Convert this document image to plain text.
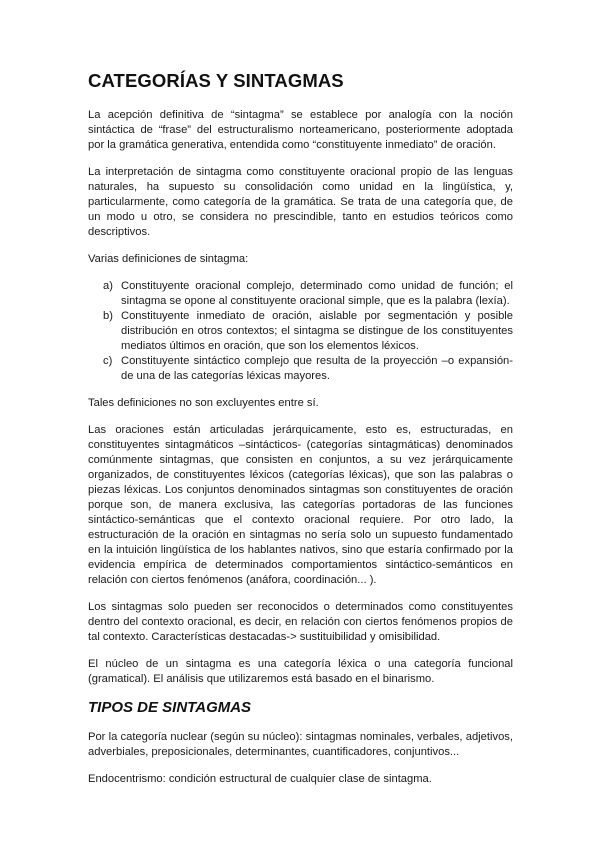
CATEGORÍAS Y SINTAGMAS

La acepción definitiva de “sintagma” se establece por analogía con la noción sintáctica de “frase” del estructuralismo norteamericano, posteriormente adoptada por la gramática generativa, entendida como “constituyente inmediato” de oración.

La interpretación de sintagma como constituyente oracional propio de las lenguas naturales, ha supuesto su consolidación como unidad en la lingüística, y, particularmente, como categoría de la gramática. Se trata de una categoría que, de un modo u otro, se considera no prescindible, tanto en estudios teóricos como descriptivos.

Varias definiciones de sintagma:

a) Constituyente oracional complejo, determinado como unidad de función; el sintagma se opone al constituyente oracional simple, que es la palabra (lexía).
b) Constituyente inmediato de oración, aislable por segmentación y posible distribución en otros contextos; el sintagma se distingue de los constituyentes mediatos últimos en oración, que son los elementos léxicos.
c) Constituyente sintáctico complejo que resulta de la proyección –o expansión- de una de las categorías léxicas mayores.

Tales definiciones no son excluyentes entre sí.

Las oraciones están articuladas jerárquicamente, esto es, estructuradas, en constituyentes sintagmáticos –sintácticos- (categorías sintagmáticas) denominados comúnmente sintagmas, que consisten en conjuntos, a su vez jerárquicamente organizados, de constituyentes léxicos (categorías léxicas), que son las palabras o piezas léxicas. Los conjuntos denominados sintagmas son constituyentes de oración porque son, de manera exclusiva, las categorías portadoras de las funciones sintáctico-semánticas que el contexto oracional requiere. Por otro lado, la estructuración de la oración en sintagmas no sería solo un supuesto fundamentado en la intuición lingüística de los hablantes nativos, sino que estaría confirmado por la evidencia empírica de determinados comportamientos sintáctico-semánticos en relación con ciertos fenómenos (anáfora, coordinación... ).

Los sintagmas solo pueden ser reconocidos o determinados como constituyentes dentro del contexto oracional, es decir, en relación con ciertos fenómenos propios de tal contexto. Características destacadas-> sustituibilidad y omisibilidad.

El núcleo de un sintagma es una categoría léxica o una categoría funcional (gramatical). El análisis que utilizaremos está basado en el binarismo.

TIPOS DE SINTAGMAS

Por la categoría nuclear (según su núcleo): sintagmas nominales, verbales, adjetivos, adverbiales, preposicionales, determinantes, cuantificadores, conjuntivos...

Endocentrismo: condición estructural de cualquier clase de sintagma.
